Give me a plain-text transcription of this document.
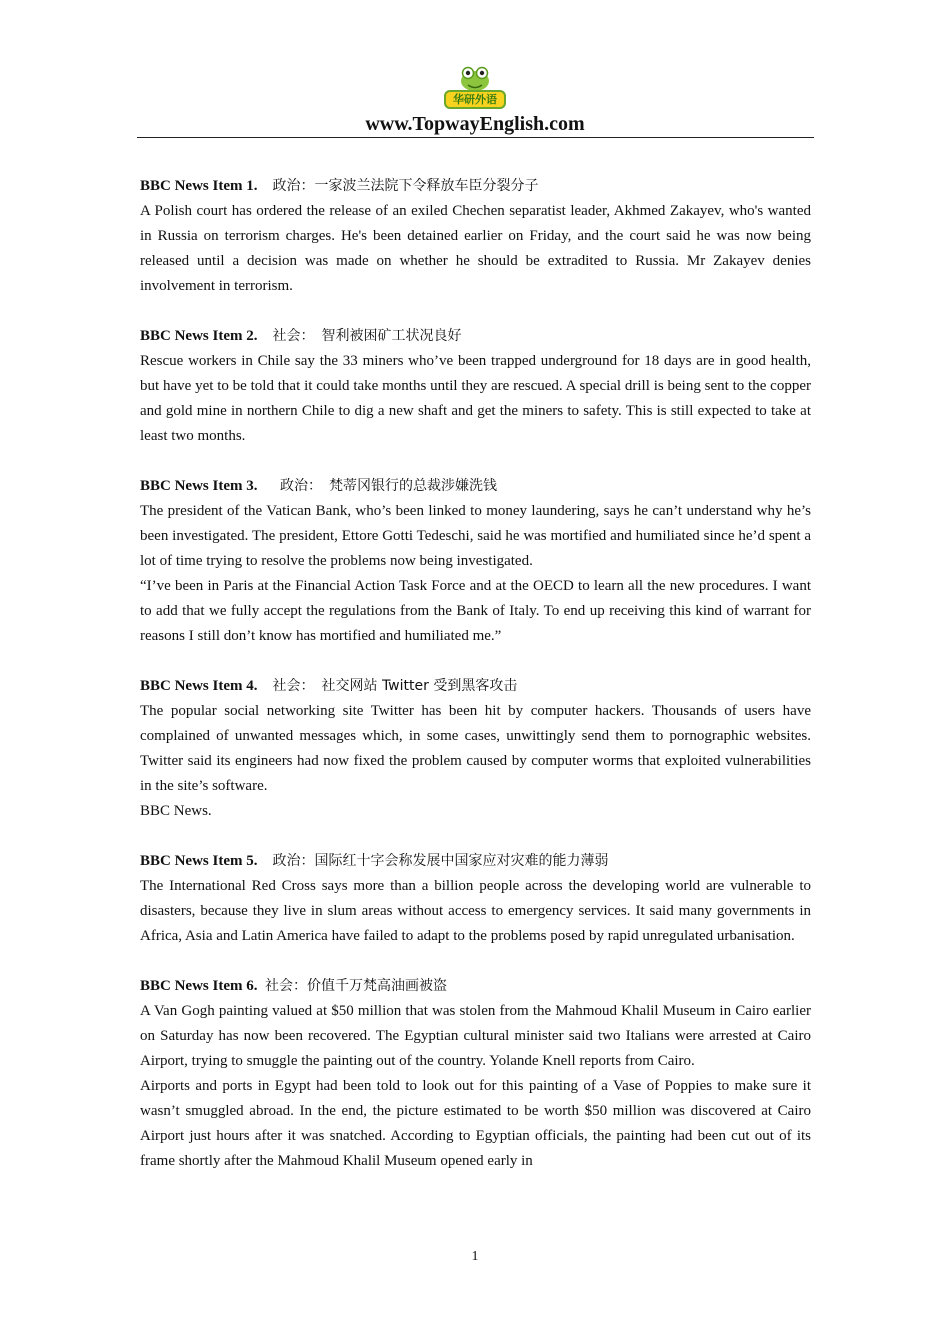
华研外语
www.TopwayEnglish.com
BBC News Item 1. 政治：一家波兰法院下令释放车臣分裂分子

A Polish court has ordered the release of an exiled Chechen separatist leader, Akhmed Zakayev, who's wanted in Russia on terrorism charges. He's been detained earlier on Friday, and the court said he was now being released until a decision was made on whether he should be extradited to Russia. Mr Zakayev denies involvement in terrorism.

BBC News Item 2. 社会：　智利被困矿工状况良好

Rescue workers in Chile say the 33 miners who’ve been trapped underground for 18 days are in good health, but have yet to be told that it could take months until they are rescued. A special drill is being sent to the copper and gold mine in northern Chile to dig a new shaft and get the miners to safety. This is still expected to take at least two months.

BBC News Item 3. 政治：　梵蒂冈银行的总裁涉嫌洗钱

The president of the Vatican Bank, who’s been linked to money laundering, says he can’t understand why he’s been investigated. The president, Ettore Gotti Tedeschi, said he was mortified and humiliated since he’d spent a lot of time trying to resolve the problems now being investigated.

“I’ve been in Paris at the Financial Action Task Force and at the OECD to learn all the new procedures. I want to add that we fully accept the regulations from the Bank of Italy. To end up receiving this kind of warrant for reasons I still don’t know has mortified and humiliated me.”

BBC News Item 4. 社会：　社交网站 Twitter 受到黑客攻击

The popular social networking site Twitter has been hit by computer hackers. Thousands of users have complained of unwanted messages which, in some cases, unwittingly send them to pornographic websites. Twitter said its engineers had now fixed the problem caused by computer worms that exploited vulnerabilities in the site’s software.

BBC News.

BBC News Item 5. 政治：国际红十字会称发展中国家应对灾难的能力薄弱

The International Red Cross says more than a billion people across the developing world are vulnerable to disasters, because they live in slum areas without access to emergency services. It said many governments in Africa, Asia and Latin America have failed to adapt to the problems posed by rapid unregulated urbanisation.

BBC News Item 6. 社会：价值千万梵高油画被盗

A Van Gogh painting valued at $50 million that was stolen from the Mahmoud Khalil Museum in Cairo earlier on Saturday has now been recovered. The Egyptian cultural minister said two Italians were arrested at Cairo Airport, trying to smuggle the painting out of the country. Yolande Knell reports from Cairo.

Airports and ports in Egypt had been told to look out for this painting of a Vase of Poppies to make sure it wasn’t smuggled abroad. In the end, the picture estimated to be worth $50 million was discovered at Cairo Airport just hours after it was snatched. According to Egyptian officials, the painting had been cut out of its frame shortly after the Mahmoud Khalil Museum opened early in

1
